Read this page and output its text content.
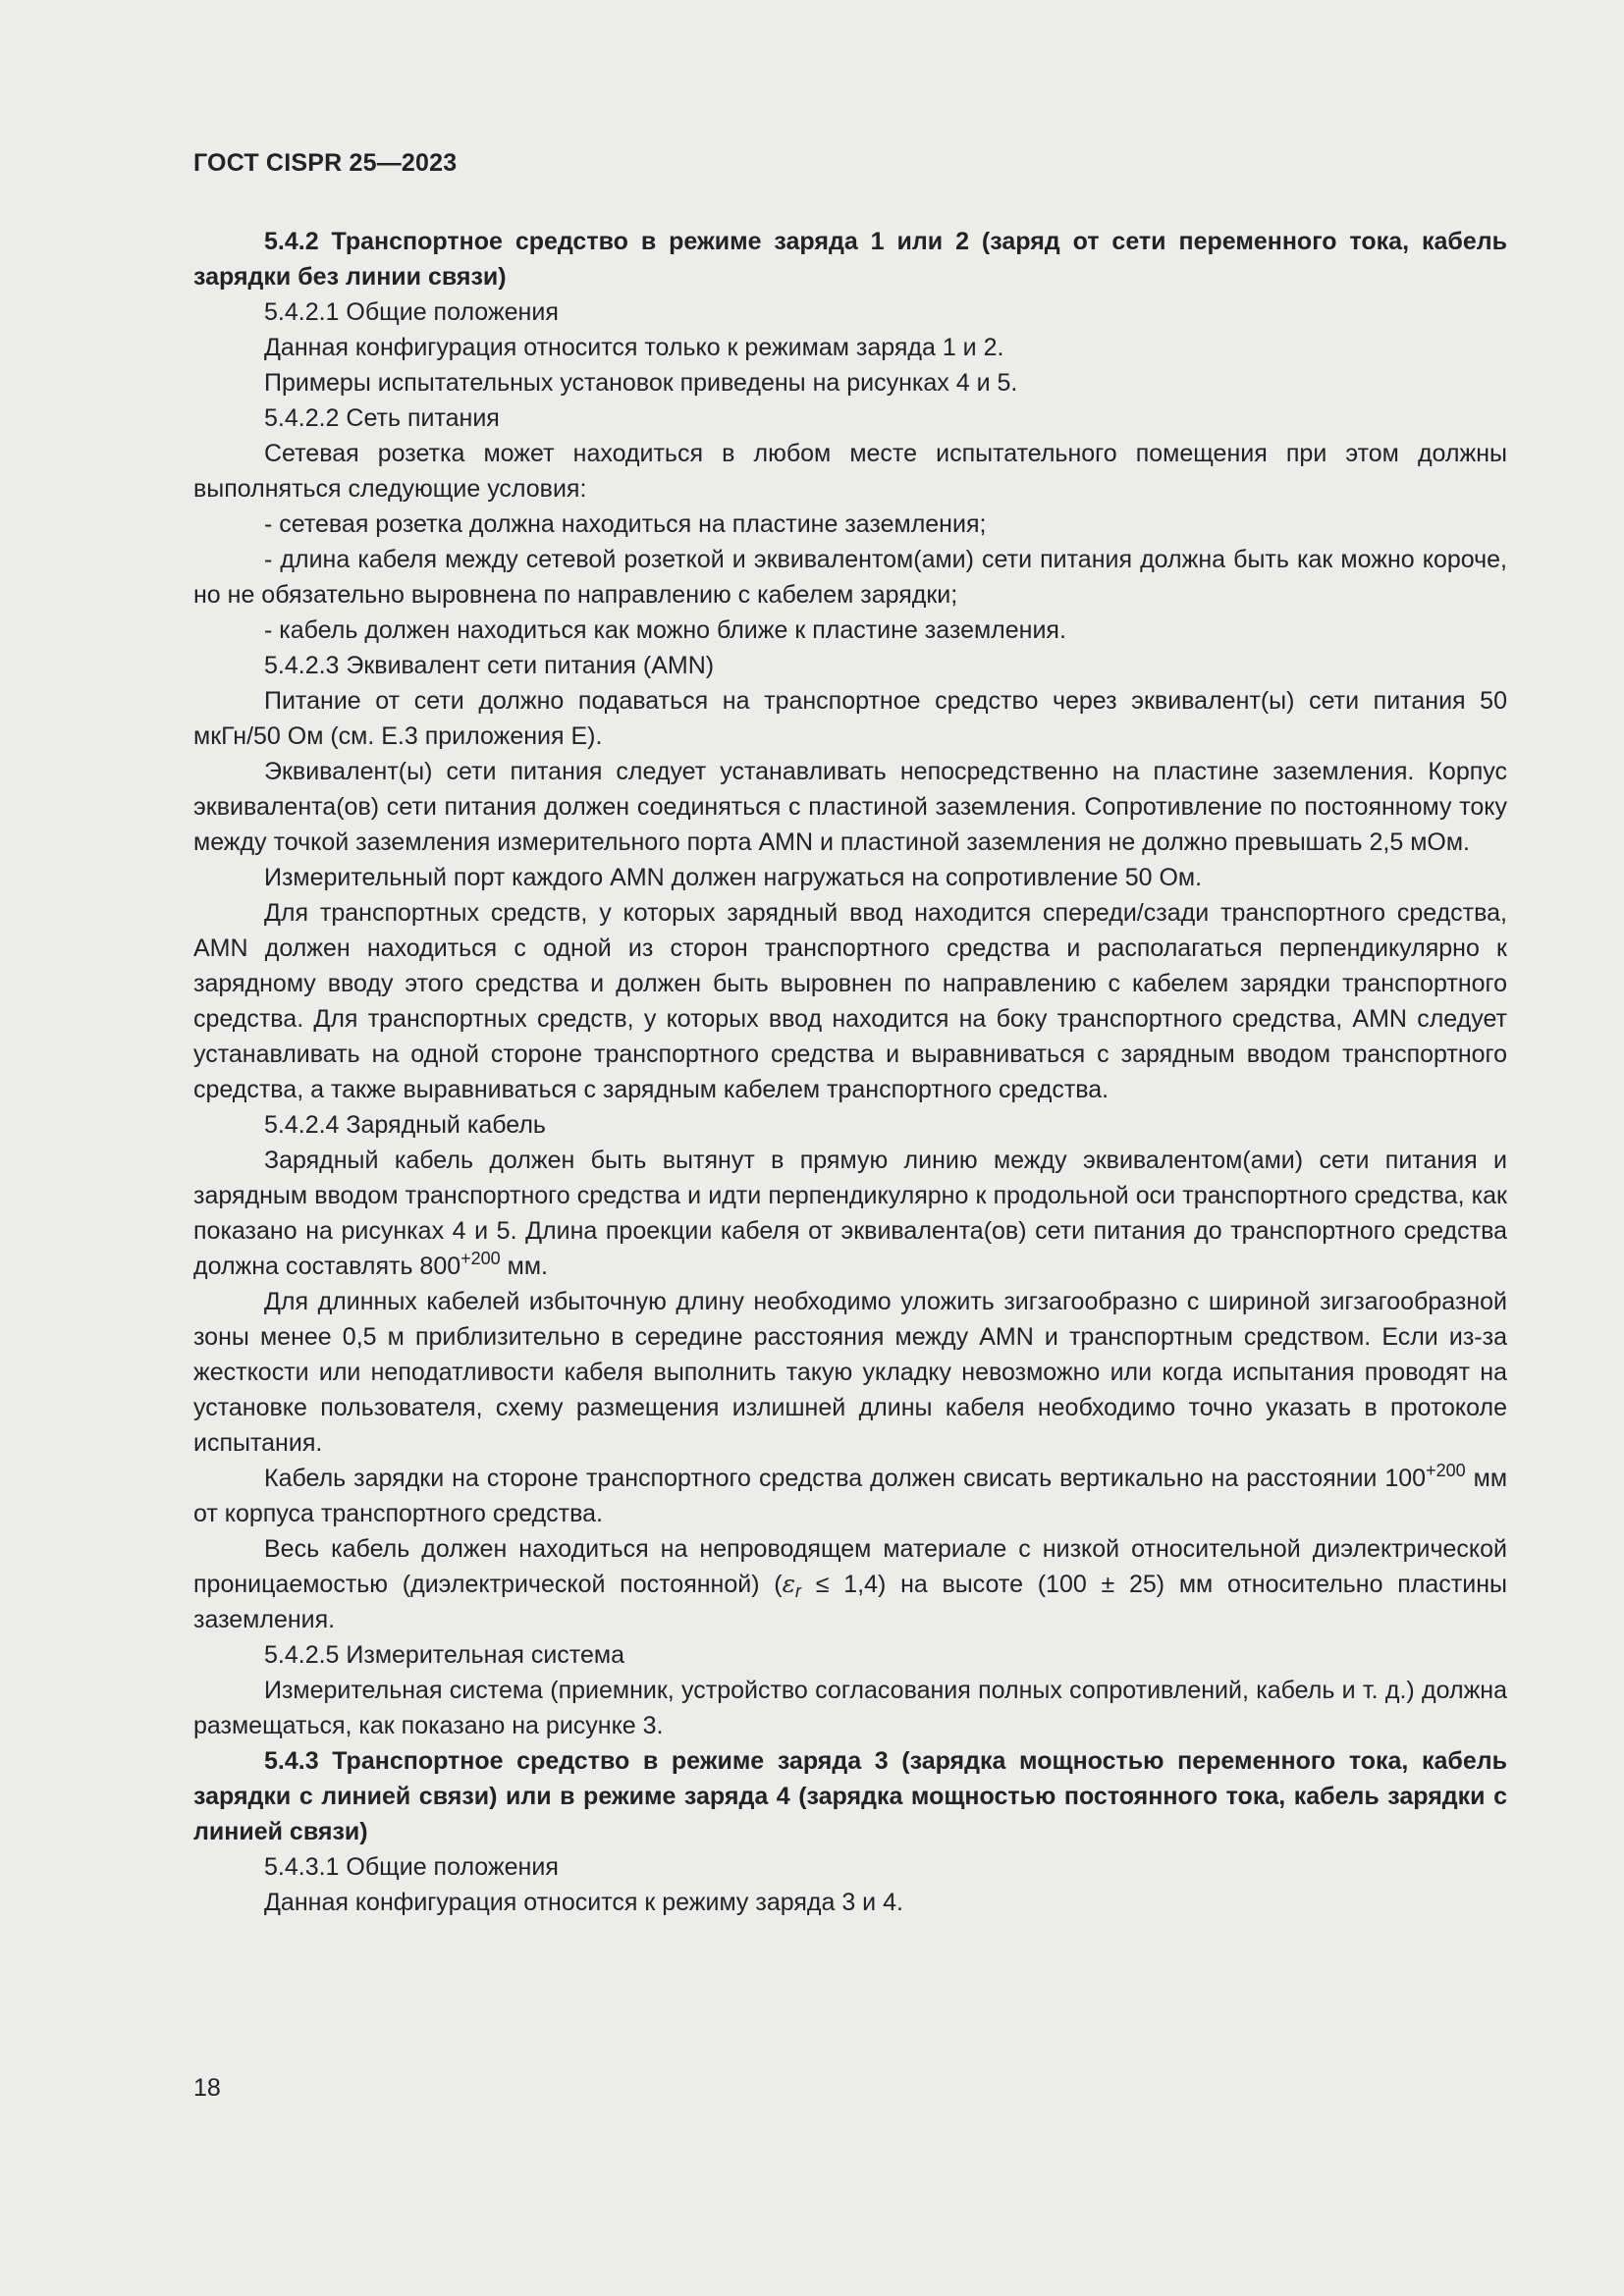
ГОСТ CISPR 25—2023

5.4.2 Транспортное средство в режиме заряда 1 или 2 (заряд от сети переменного тока, кабель зарядки без линии связи)

5.4.2.1 Общие положения

Данная конфигурация относится только к режимам заряда 1 и 2.

Примеры испытательных установок приведены на рисунках 4 и 5.

5.4.2.2 Сеть питания

Сетевая розетка может находиться в любом месте испытательного помещения при этом должны выполняться следующие условия:

- сетевая розетка должна находиться на пластине заземления;

- длина кабеля между сетевой розеткой и эквивалентом(ами) сети питания должна быть как можно короче, но не обязательно выровнена по направлению с кабелем зарядки;

- кабель должен находиться как можно ближе к пластине заземления.

5.4.2.3 Эквивалент сети питания (AMN)

Питание от сети должно подаваться на транспортное средство через эквивалент(ы) сети питания 50 мкГн/50 Ом (см. Е.3 приложения Е).

Эквивалент(ы) сети питания следует устанавливать непосредственно на пластине заземления. Корпус эквивалента(ов) сети питания должен соединяться с пластиной заземления. Сопротивление по постоянному току между точкой заземления измерительного порта AMN и пластиной заземления не должно превышать 2,5 мОм.

Измерительный порт каждого AMN должен нагружаться на сопротивление 50 Ом.

Для транспортных средств, у которых зарядный ввод находится спереди/сзади транспортного средства, AMN должен находиться с одной из сторон транспортного средства и располагаться перпендикулярно к зарядному вводу этого средства и должен быть выровнен по направлению с кабелем зарядки транспортного средства. Для транспортных средств, у которых ввод находится на боку транспортного средства, AMN следует устанавливать на одной стороне транспортного средства и выравниваться с зарядным вводом транспортного средства, а также выравниваться с зарядным кабелем транспортного средства.

5.4.2.4 Зарядный кабель

Зарядный кабель должен быть вытянут в прямую линию между эквивалентом(ами) сети питания и зарядным вводом транспортного средства и идти перпендикулярно к продольной оси транспортного средства, как показано на рисунках 4 и 5. Длина проекции кабеля от эквивалента(ов) сети питания до транспортного средства должна составлять $800^{+200}$ мм.

Для длинных кабелей избыточную длину необходимо уложить зигзагообразно с шириной зигзагообразной зоны менее 0,5 м приблизительно в середине расстояния между AMN и транспортным средством. Если из-за жесткости или неподатливости кабеля выполнить такую укладку невозможно или когда испытания проводят на установке пользователя, схему размещения излишней длины кабеля необходимо точно указать в протоколе испытания.

Кабель зарядки на стороне транспортного средства должен свисать вертикально на расстоянии $100^{+200}$ мм от корпуса транспортного средства.

Весь кабель должен находиться на непроводящем материале с низкой относительной диэлектрической проницаемостью (диэлектрической постоянной) $(\varepsilon_r \le 1,4)$ на высоте (100 ± 25) мм относительно пластины заземления.

5.4.2.5 Измерительная система

Измерительная система (приемник, устройство согласования полных сопротивлений, кабель и т. д.) должна размещаться, как показано на рисунке 3.

5.4.3 Транспортное средство в режиме заряда 3 (зарядка мощностью переменного тока, кабель зарядки с линией связи) или в режиме заряда 4 (зарядка мощностью постоянного тока, кабель зарядки с линией связи)

5.4.3.1 Общие положения

Данная конфигурация относится к режиму заряда 3 и 4.

18
